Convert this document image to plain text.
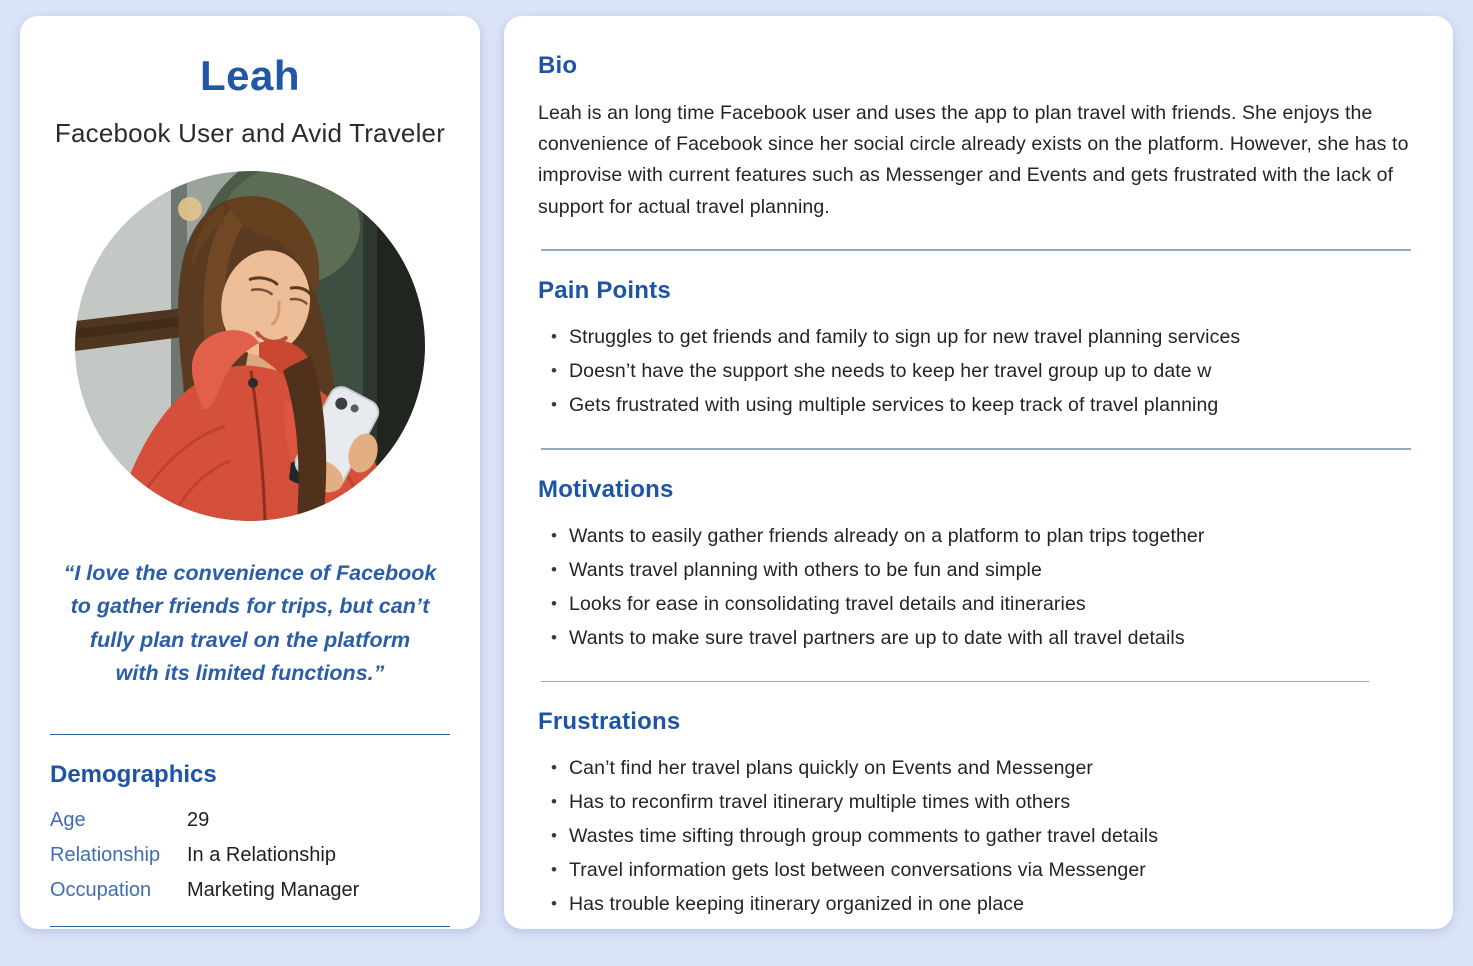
Leah
Facebook User and Avid Traveler
“I love the convenience of Facebook
to gather friends for trips, but can’t
fully plan travel on the platform
with its limited functions.”
Demographics
Age	29
Relationship	In a Relationship
Occupation	Marketing Manager
Bio

Leah is an long time Facebook user and uses the app to plan travel with friends. She enjoys the convenience of Facebook since her social circle already exists on the platform. However, she has to improvise with current features such as Messenger and Events and gets frustrated with the lack of support for actual travel planning.

Pain Points
• Struggles to get friends and family to sign up for new travel planning services
• Doesn’t have the support she needs to keep her travel group up to date w
• Gets frustrated with using multiple services to keep track of travel planning
Motivations
• Wants to easily gather friends already on a platform to plan trips together
• Wants travel planning with others to be fun and simple
• Looks for ease in consolidating travel details and itineraries
• Wants to make sure travel partners are up to date with all travel details
Frustrations
• Can’t find her travel plans quickly on Events and Messenger
• Has to reconfirm travel itinerary multiple times with others
• Wastes time sifting through group comments to gather travel details
• Travel information gets lost between conversations via Messenger
• Has trouble keeping itinerary organized in one place
